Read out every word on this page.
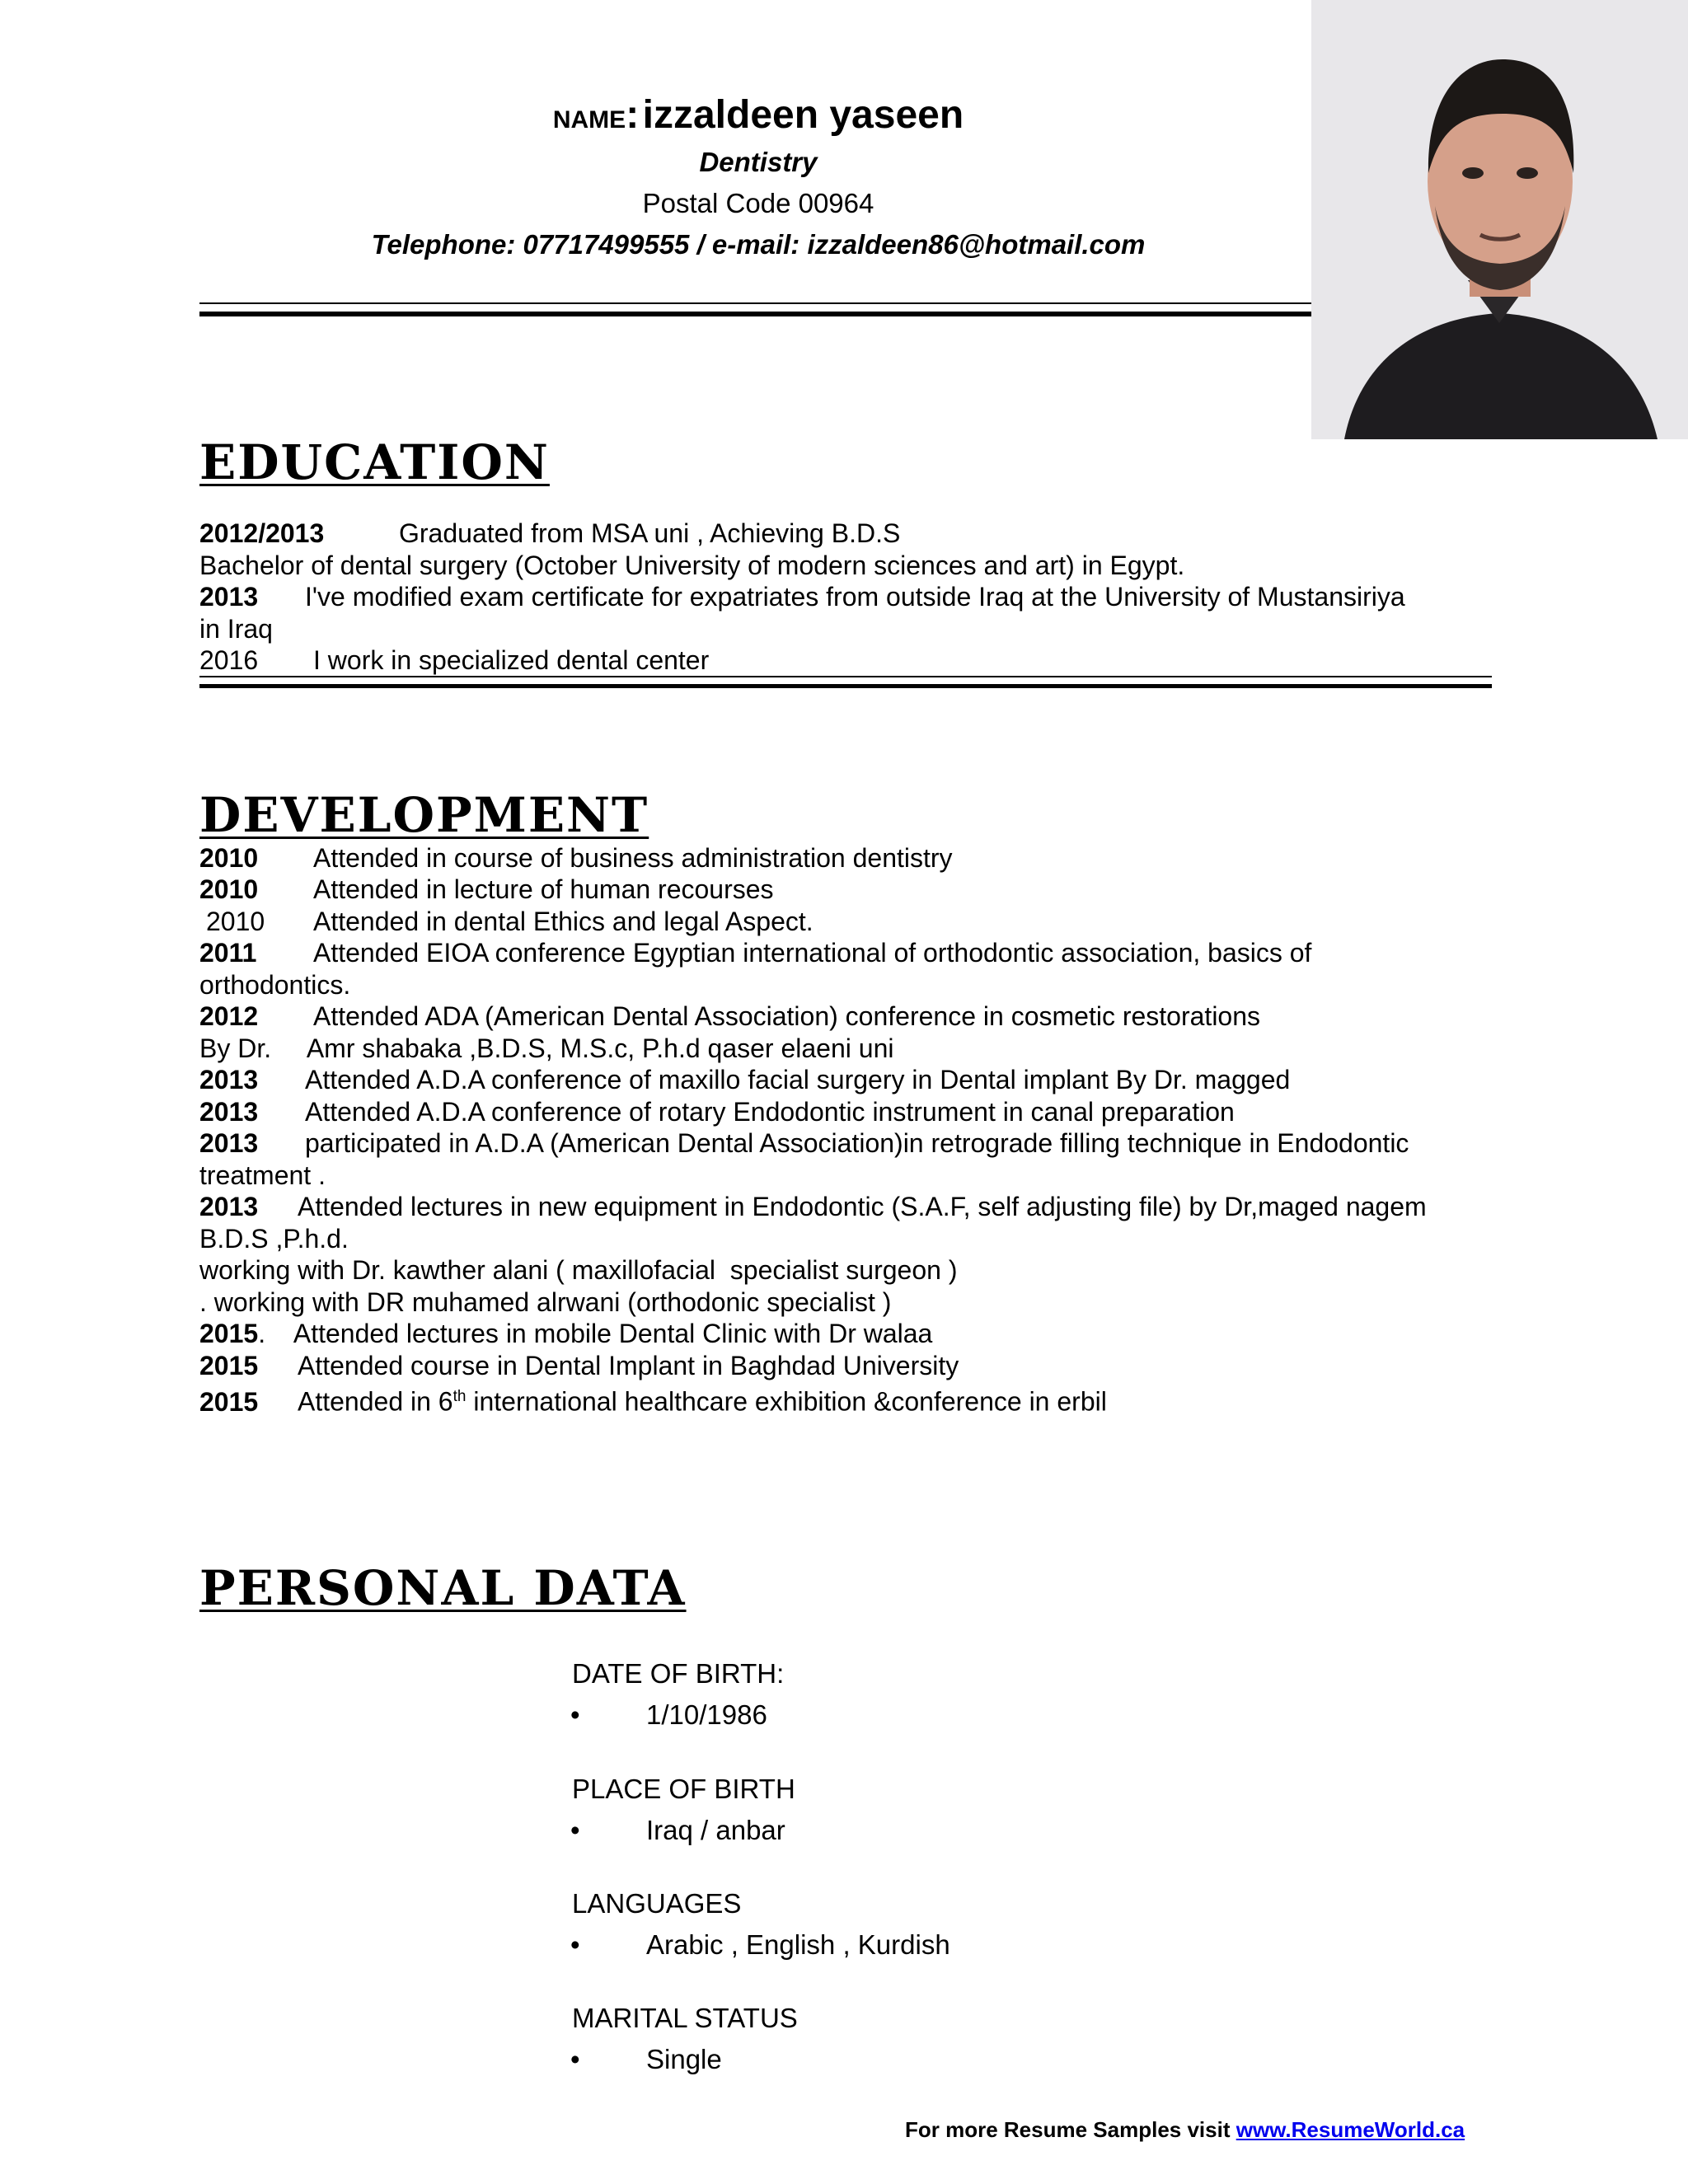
NAME: izzaldeen yaseen
Dentistry
Postal Code 00964
Telephone: 07717499555 / e-mail: izzaldeen86@hotmail.com
EDUCATION
2012/2013	Graduated from MSA uni , Achieving B.D.S
Bachelor of dental surgery (October University of modern sciences and art) in Egypt.
2013 I've modified exam certificate for expatriates from outside Iraq at the University of Mustansiriya
in Iraq
2016 I work in specialized dental center
DEVELOPMENT
2010 Attended in course of business administration dentistry
2010 Attended in lecture of human recourses
2010 Attended in dental Ethics and legal Aspect.
2011 Attended EIOA conference Egyptian international of orthodontic association, basics of
orthodontics.
2012 Attended ADA (American Dental Association) conference in cosmetic restorations
By Dr.     Amr shabaka ,B.D.S, M.S.c, P.h.d qaser elaeni uni
2013 Attended A.D.A conference of maxillo facial surgery in Dental implant By Dr. magged
2013 Attended A.D.A conference of rotary Endodontic instrument in canal preparation
2013 participated in A.D.A (American Dental Association)in retrograde filling technique in Endodontic
treatment .
2013 Attended lectures in new equipment in Endodontic (S.A.F, self adjusting file) by Dr,maged nagem
B.D.S ,P.h.d.
working with Dr. kawther alani ( maxillofacial  specialist surgeon )
. working with DR muhamed alrwani (orthodonic specialist )
2015.    Attended lectures in mobile Dental Clinic with Dr walaa
2015 Attended course in Dental Implant in Baghdad University
2015 Attended in 6th international healthcare exhibition &conference in erbil
PERSONAL DATA
DATE OF BIRTH:
• 1/10/1986
PLACE OF BIRTH
• Iraq / anbar
LANGUAGES
• Arabic , English , Kurdish
MARITAL STATUS
• Single
For more Resume Samples visit www.ResumeWorld.ca
